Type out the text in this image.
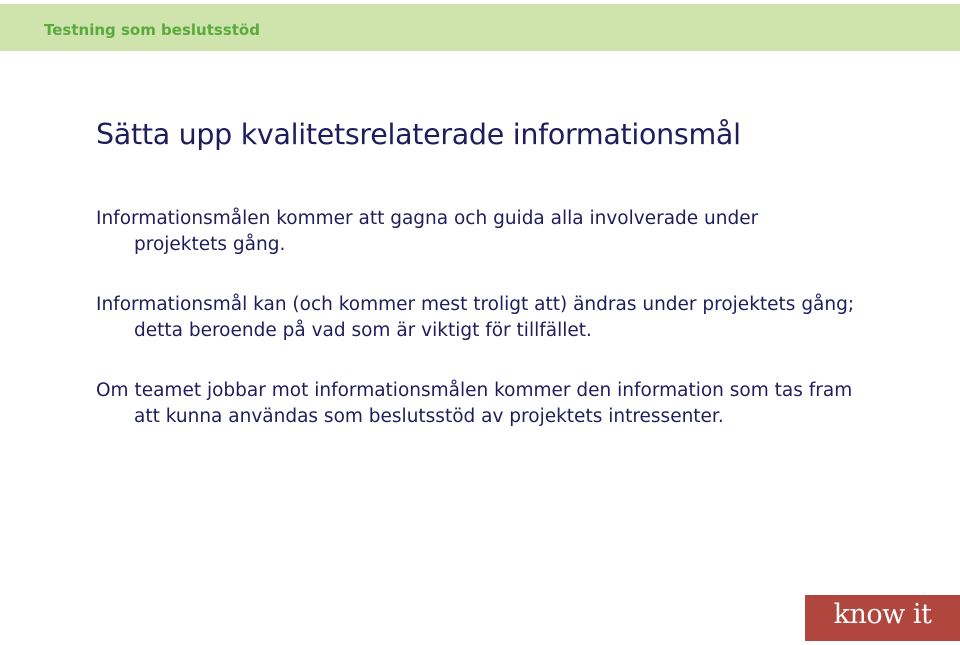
Testning som beslutsstöd
Sätta upp kvalitetsrelaterade informationsmål

Informationsmålen kommer att gagna och guida alla involverade under projektets gång.

Informationsmål kan (och kommer mest troligt att) ändras under projektets gång; detta beroende på vad som är viktigt för tillfället.

Om teamet jobbar mot informationsmålen kommer den information som tas fram att kunna användas som beslutsstöd av projektets intressenter.

know it
